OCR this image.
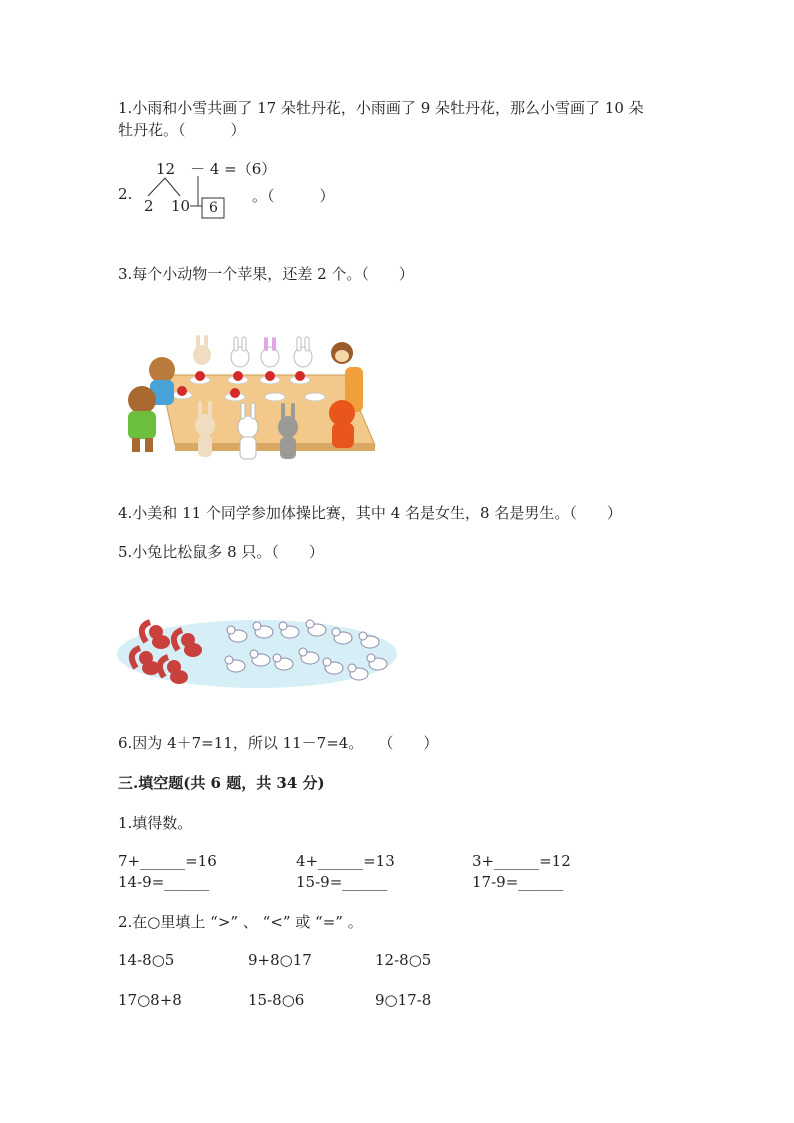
1.小雨和小雪共画了 17 朵牡丹花，小雨画了 9 朵牡丹花，那么小雪画了 10 朵
牡丹花。（　　　）
2.
12　－ 4 =（6）
2 10 6
。（　　　）
3.每个小动物一个苹果，还差 2 个。（　　）
4.小美和 11 个同学参加体操比赛，其中 4 名是女生，8 名是男生。（　　）
5.小兔比松鼠多 8 只。（　　）
6.因为 4＋7=11，所以 11－7=4。　　（　　）
三.填空题(共 6 题，共 34 分)
1.填得数。
7+______=16	4+______=13	3+______=12
14-9=______	15-9=______	17-9=______
2.在○里填上 “>” 、 “<” 或 “=” 。
14-8○5	9+8○17	12-8○5
17○8+8	15-8○6	9○17-8
